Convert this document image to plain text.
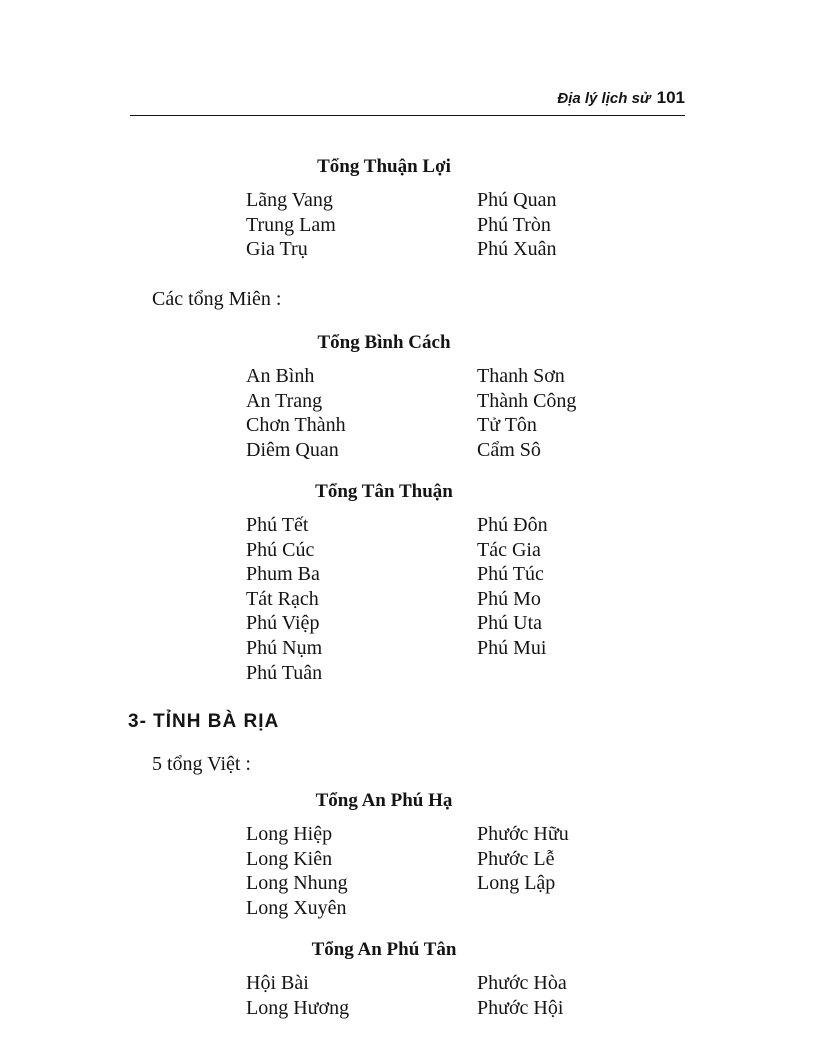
Địa lý lịch sử 101
Tổng Thuận Lợi
Lãng Vang
Trung Lam
Gia Trụ
Phú Quan
Phú Tròn
Phú Xuân
Các tổng Miên :
Tổng Bình Cách
An Bình
An Trang
Chơn Thành
Diêm Quan
Thanh Sơn
Thành Công
Tử Tôn
Cẩm Sô
Tổng Tân Thuận
Phú Tết
Phú Cúc
Phum Ba
Tát Rạch
Phú Việp
Phú Nụm
Phú Tuân
Phú Đôn
Tác Gia
Phú Túc
Phú Mo
Phú Uta
Phú Mui
3- TỈNH BÀ RỊA
5 tổng Việt :
Tổng An Phú Hạ
Long Hiệp
Long Kiên
Long Nhung
Long Xuyên
Phước Hữu
Phước Lễ
Long Lập
Tổng An Phú Tân
Hội Bài
Long Hương
Phước Hòa
Phước Hội
